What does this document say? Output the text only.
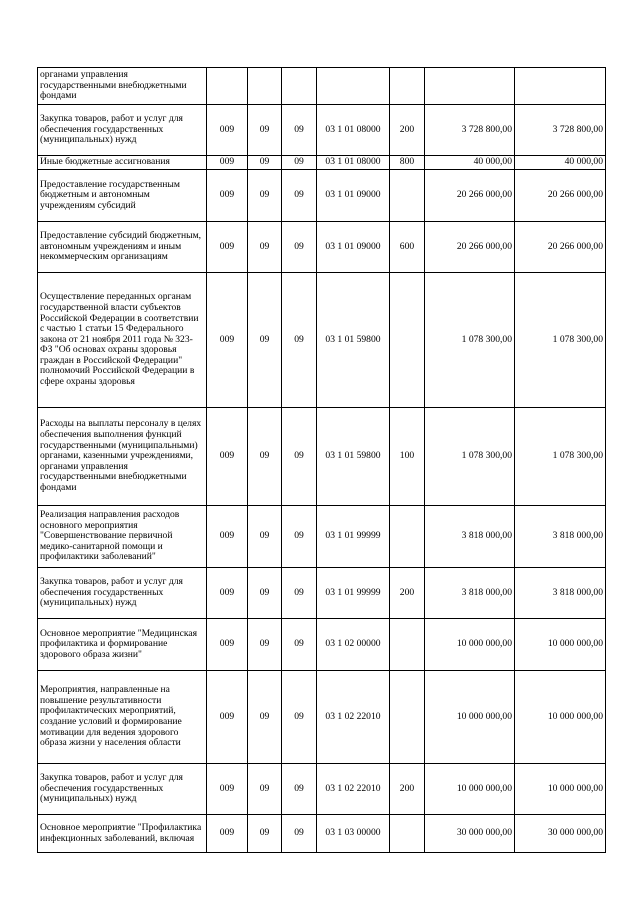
органами управления государственными внебюджетными фондами							
Закупка товаров, работ и услуг для обеспечения государственных (муниципальных) нужд	009	09	09	03 1 01 08000	200	3 728 800,00	3 728 800,00
Иные бюджетные ассигнования	009	09	09	03 1 01 08000	800	40 000,00	40 000,00
Предоставление государственным бюджетным и автономным учреждениям субсидий	009	09	09	03 1 01 09000		20 266 000,00	20 266 000,00
Предоставление субсидий бюджетным, автономным учреждениям и иным некоммерческим организациям	009	09	09	03 1 01 09000	600	20 266 000,00	20 266 000,00
Осуществление переданных органам государственной власти субъектов Российской Федерации в соответствии с частью 1 статьи 15 Федерального закона от 21 ноября 2011 года № 323-ФЗ "Об основах охраны здоровья граждан в Российской Федерации" полномочий Российской Федерации в сфере охраны здоровья	009	09	09	03 1 01 59800		1 078 300,00	1 078 300,00
Расходы на выплаты персоналу в целях обеспечения выполнения функций государственными (муниципальными) органами, казенными учреждениями, органами управления государственными внебюджетными фондами	009	09	09	03 1 01 59800	100	1 078 300,00	1 078 300,00
Реализация направления расходов основного мероприятия "Совершенствование первичной медико-санитарной помощи и профилактики заболеваний"	009	09	09	03 1 01 99999		3 818 000,00	3 818 000,00
Закупка товаров, работ и услуг для обеспечения государственных (муниципальных) нужд	009	09	09	03 1 01 99999	200	3 818 000,00	3 818 000,00
Основное мероприятие "Медицинская профилактика и формирование здорового образа жизни"	009	09	09	03 1 02 00000		10 000 000,00	10 000 000,00
Мероприятия, направленные на повышение результативности профилактических мероприятий, создание условий и формирование мотивации для ведения здорового образа жизни у населения области	009	09	09	03 1 02 22010		10 000 000,00	10 000 000,00
Закупка товаров, работ и услуг для обеспечения государственных (муниципальных) нужд	009	09	09	03 1 02 22010	200	10 000 000,00	10 000 000,00
Основное мероприятие "Профилактика инфекционных заболеваний, включая	009	09	09	03 1 03 00000		30 000 000,00	30 000 000,00
